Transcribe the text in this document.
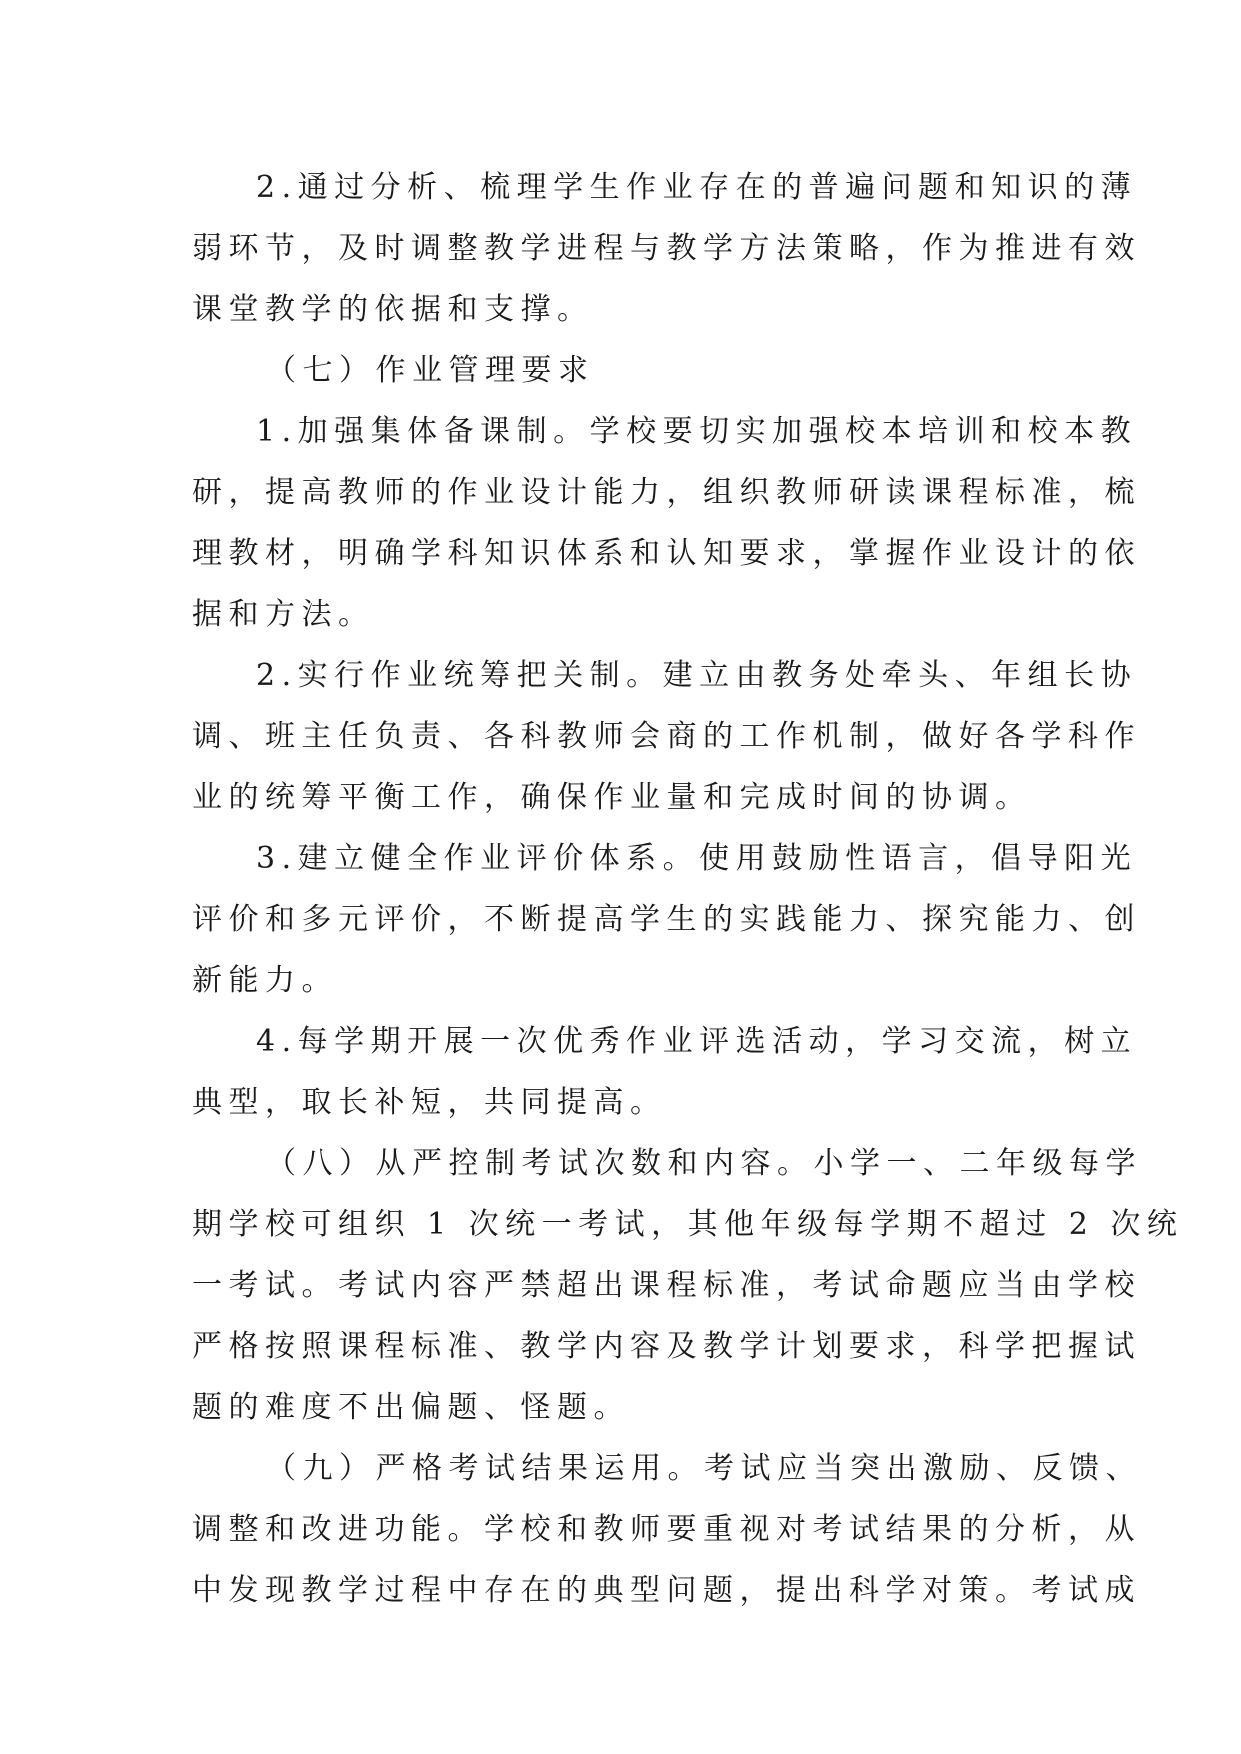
2.通过分析、梳理学生作业存在的普遍问题和知识的薄
弱环节，及时调整教学进程与教学方法策略，作为推进有效
课堂教学的依据和支撑。

（七）作业管理要求

1.加强集体备课制。学校要切实加强校本培训和校本教
研，提高教师的作业设计能力，组织教师研读课程标准，梳
理教材，明确学科知识体系和认知要求，掌握作业设计的依
据和方法。

2.实行作业统筹把关制。建立由教务处牵头、年组长协
调、班主任负责、各科教师会商的工作机制，做好各学科作
业的统筹平衡工作，确保作业量和完成时间的协调。

3.建立健全作业评价体系。使用鼓励性语言，倡导阳光
评价和多元评价，不断提高学生的实践能力、探究能力、创
新能力。

4.每学期开展一次优秀作业评选活动，学习交流，树立
典型，取长补短，共同提高。

（八）从严控制考试次数和内容。小学一、二年级每学
期学校可组织 1 次统一考试，其他年级每学期不超过 2 次统
一考试。考试内容严禁超出课程标准，考试命题应当由学校
严格按照课程标准、教学内容及教学计划要求，科学把握试
题的难度不出偏题、怪题。

（九）严格考试结果运用。考试应当突出激励、反馈、
调整和改进功能。学校和教师要重视对考试结果的分析，从
中发现教学过程中存在的典型问题，提出科学对策。考试成
